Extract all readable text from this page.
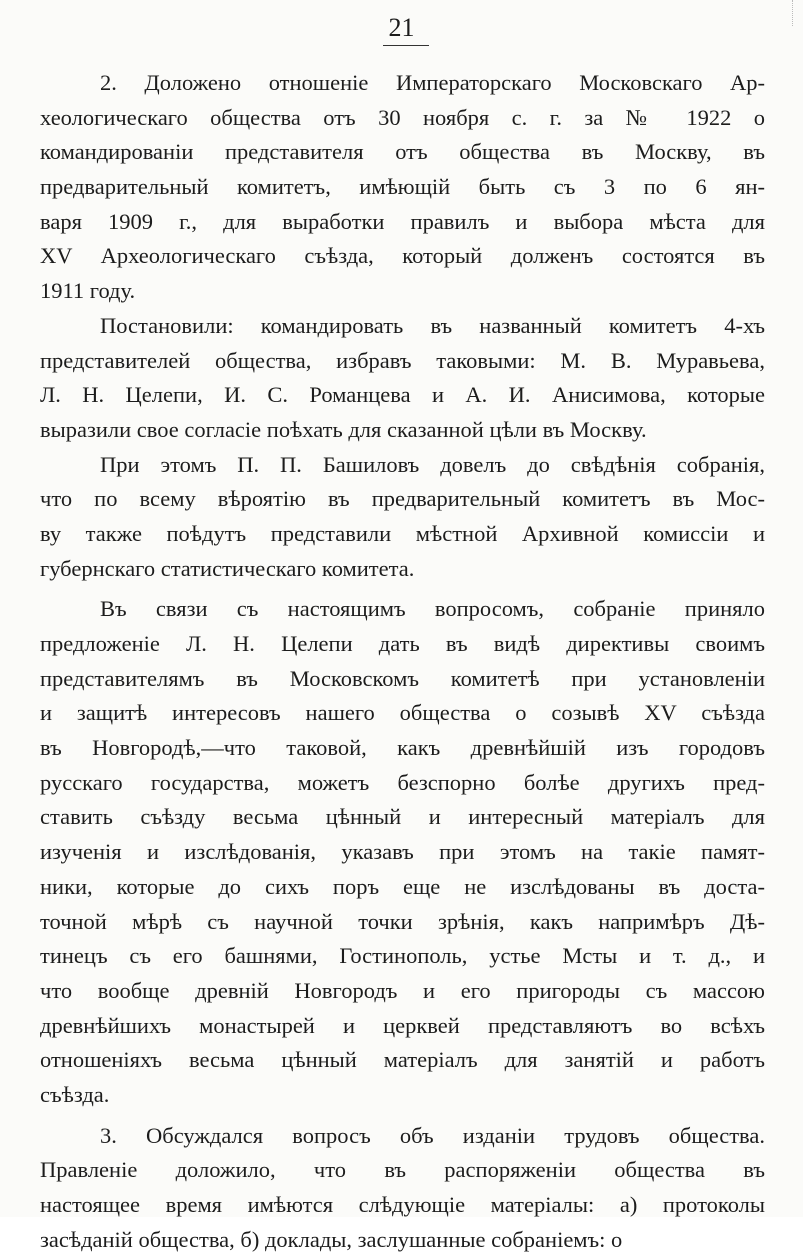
21
2. Доложено отношеніе Императорскаго Московскаго Ар-
хеологическаго общества отъ 30 ноября с. г. за № 1922 о
командированіи представителя отъ общества въ Москву, въ
предварительный комитетъ, имѣющій быть съ 3 по 6 ян-
варя 1909 г., для выработки правилъ и выбора мѣста для
XV Археологическаго съѣзда, который долженъ состоятся въ
1911 году.
Постановили: командировать въ названный комитетъ 4-хъ
представителей общества, избравъ таковыми: М. В. Муравьева,
Л. Н. Целепи, И. С. Романцева и А. И. Анисимова, которые
выразили свое согласіе поѣхать для сказанной цѣли въ Москву.
При этомъ П. П. Башиловъ довелъ до свѣдѣнія собранія,
что по всему вѣроятію въ предварительный комитетъ въ Мос-
ву также поѣдутъ представили мѣстной Архивной комиссіи и
губернскаго статистическаго комитета.
Въ связи съ настоящимъ вопросомъ, собраніе приняло
предложеніе Л. Н. Целепи дать въ видѣ директивы своимъ
представителямъ въ Московскомъ комитетѣ при установленіи
и защитѣ интересовъ нашего общества о созывѣ XV съѣзда
въ Новгородѣ,—что таковой, какъ древнѣйшій изъ городовъ
русскаго государства, можетъ безспорно болѣе другихъ пред-
ставить съѣзду весьма цѣнный и интересный матеріалъ для
изученія и изслѣдованія, указавъ при этомъ на такіе памят-
ники, которые до сихъ поръ еще не изслѣдованы въ доста-
точной мѣрѣ съ научной точки зрѣнія, какъ напримѣръ Дѣ-
тинецъ съ его башнями, Гостинополь, устье Мсты и т. д., и
что вообще древній Новгородъ и его пригороды съ массою
древнѣйшихъ монастырей и церквей представляютъ во всѣхъ
отношеніяхъ весьма цѣнный матеріалъ для занятій и работъ
съѣзда.
3. Обсуждался вопросъ объ изданіи трудовъ общества.
Правленіе доложило, что въ распоряженіи общества въ
настоящее время имѣются слѣдующіе матеріалы: а) протоколы
засѣданій общества, б) доклады, заслушанные собраніемъ: о
